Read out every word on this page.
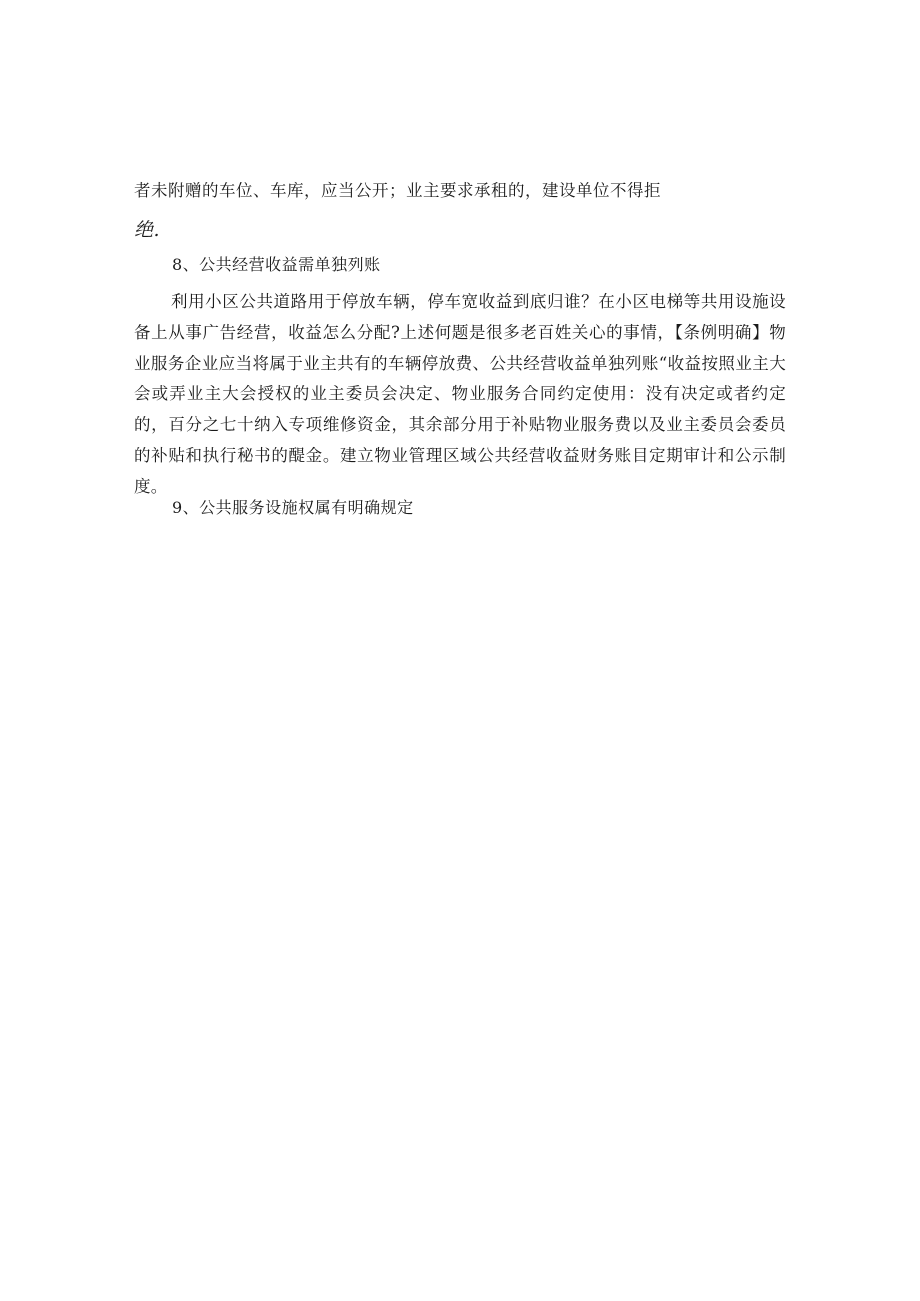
者未附赠的车位、车库，应当公开；业主要求承租的，建设单位不得拒
绝.
8、公共经营收益需单独列账

利用小区公共道路用于停放车辆，停车宽收益到底归谁？在小区电梯等共用设施设备上从事广告经营，收益怎么分配?上述何题是很多老百姓关心的事情，【条例明确】物业服务企业应当将属于业主共有的车辆停放费、公共经营收益单独列账“收益按照业主大会或弄业主大会授权的业主委员会决定、物业服务合同约定使用：没有决定或者约定的，百分之七十纳入专项维修资金，其余部分用于补贴物业服务费以及业主委员会委员的补贴和执行秘书的醍金。建立物业管理区域公共经营收益财务账目定期审计和公示制度。

9、公共服务设施权属有明确规定
